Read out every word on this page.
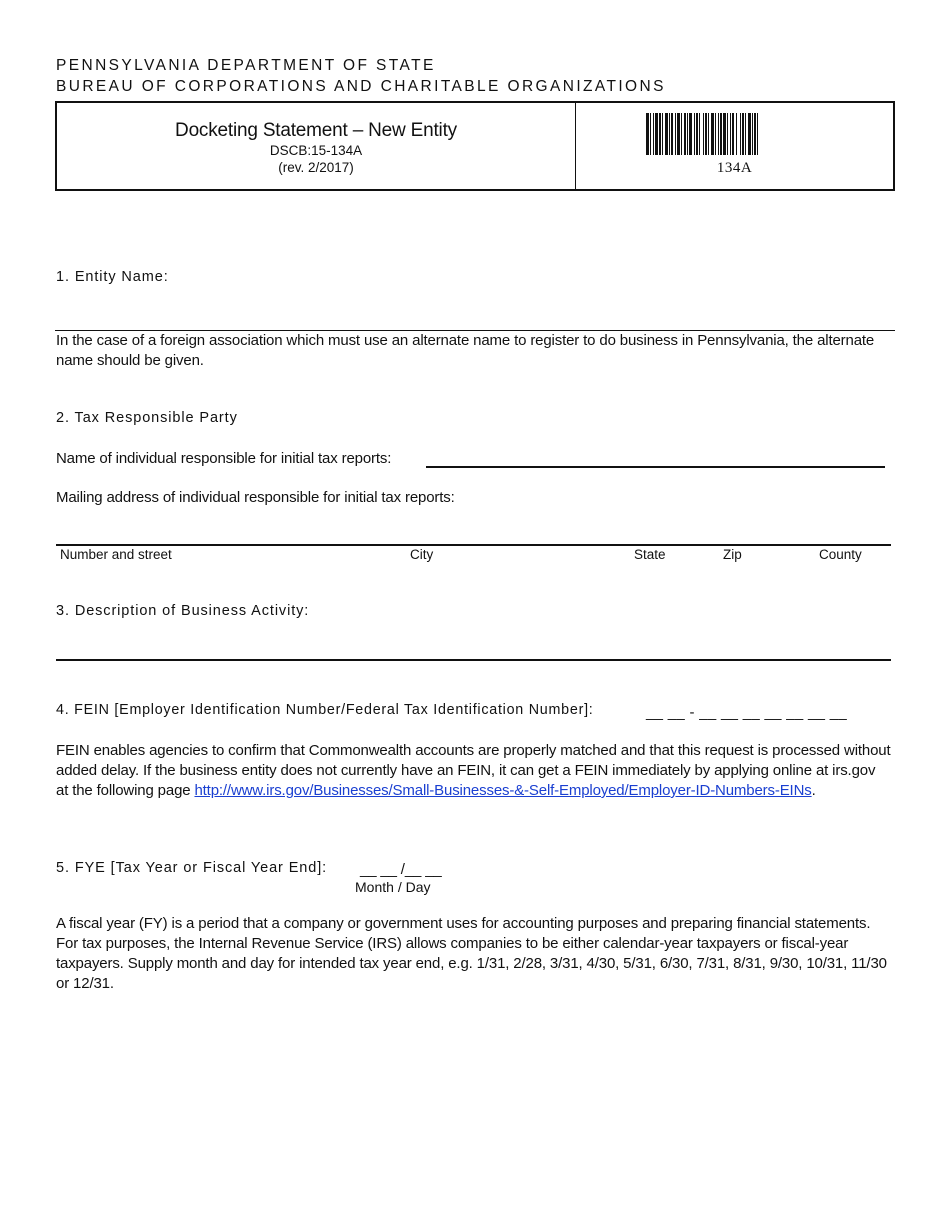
PENNSYLVANIA DEPARTMENT OF STATE
BUREAU OF CORPORATIONS AND CHARITABLE ORGANIZATIONS
Docketing Statement – New Entity
DSCB:15-134A
(rev. 2/2017)	134A
1. Entity Name:
In the case of a foreign association which must use an alternate name to register to do business in Pennsylvania, the alternate name should be given.
2. Tax Responsible Party
Name of individual responsible for initial tax reports:
Mailing address of individual responsible for initial tax reports:
Number and street	City	State	Zip	County
3. Description of Business Activity:
4. FEIN [Employer Identification Number/Federal Tax Identification Number]:	__ __ - __ __ __ __ __ __ __
FEIN enables agencies to confirm that Commonwealth accounts are properly matched and that this request is processed without added delay. If the business entity does not currently have an FEIN, it can get a FEIN immediately by applying online at irs.gov at the following page http://www.irs.gov/Businesses/Small-Businesses-&-Self-Employed/Employer-ID-Numbers-EINs.
5. FYE [Tax Year or Fiscal Year End]: __ __ /__ __
Month / Day
A fiscal year (FY) is a period that a company or government uses for accounting purposes and preparing financial statements. For tax purposes, the Internal Revenue Service (IRS) allows companies to be either calendar-year taxpayers or fiscal-year taxpayers. Supply month and day for intended tax year end, e.g. 1/31, 2/28, 3/31, 4/30, 5/31, 6/30, 7/31, 8/31, 9/30, 10/31, 11/30 or 12/31.
